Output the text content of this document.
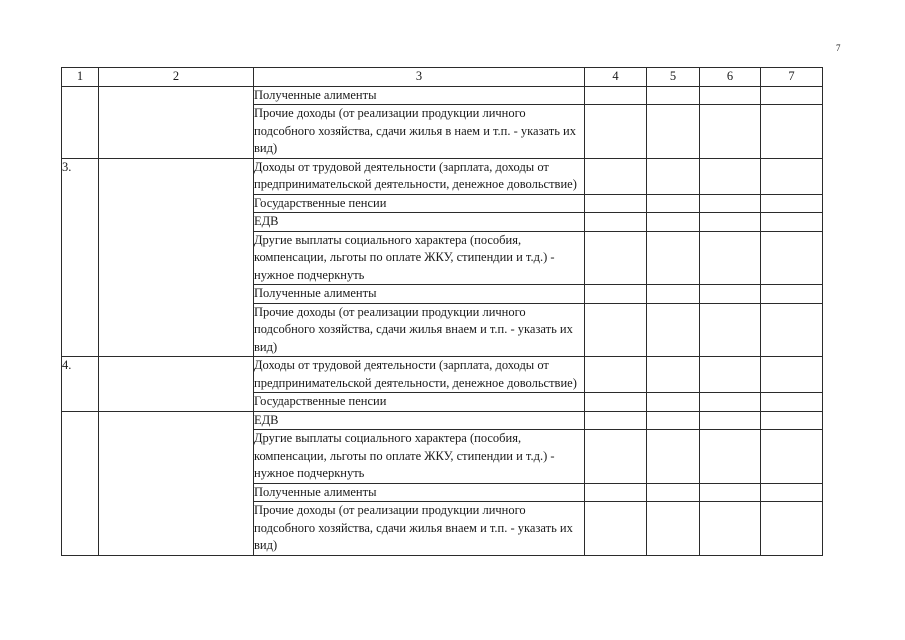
7
1	2	3	4	5	6	7
		Полученные алименты				
		Прочие доходы (от реализации продукции личного подсобного хозяйства, сдачи жилья в наем и т.п. - указать их вид)				
3.		Доходы от трудовой деятельности (зарплата, доходы от предпринимательской деятельности, денежное довольствие)				
		Государственные пенсии				
		ЕДВ				
		Другие выплаты социального характера (пособия, компенсации, льготы по оплате ЖКУ, стипендии и т.д.) - нужное подчеркнуть				
		Полученные алименты				
		Прочие доходы (от реализации продукции личного подсобного хозяйства, сдачи жилья внаем и т.п. - указать их вид)				
4.		Доходы от трудовой деятельности (зарплата, доходы от предпринимательской деятельности, денежное довольствие)				
		Государственные пенсии				
		ЕДВ				
		Другие выплаты социального характера (пособия, компенсации, льготы по оплате ЖКУ, стипендии и т.д.) - нужное подчеркнуть				
		Полученные алименты				
		Прочие доходы (от реализации продукции личного подсобного хозяйства, сдачи жилья внаем и т.п. - указать их вид)				
